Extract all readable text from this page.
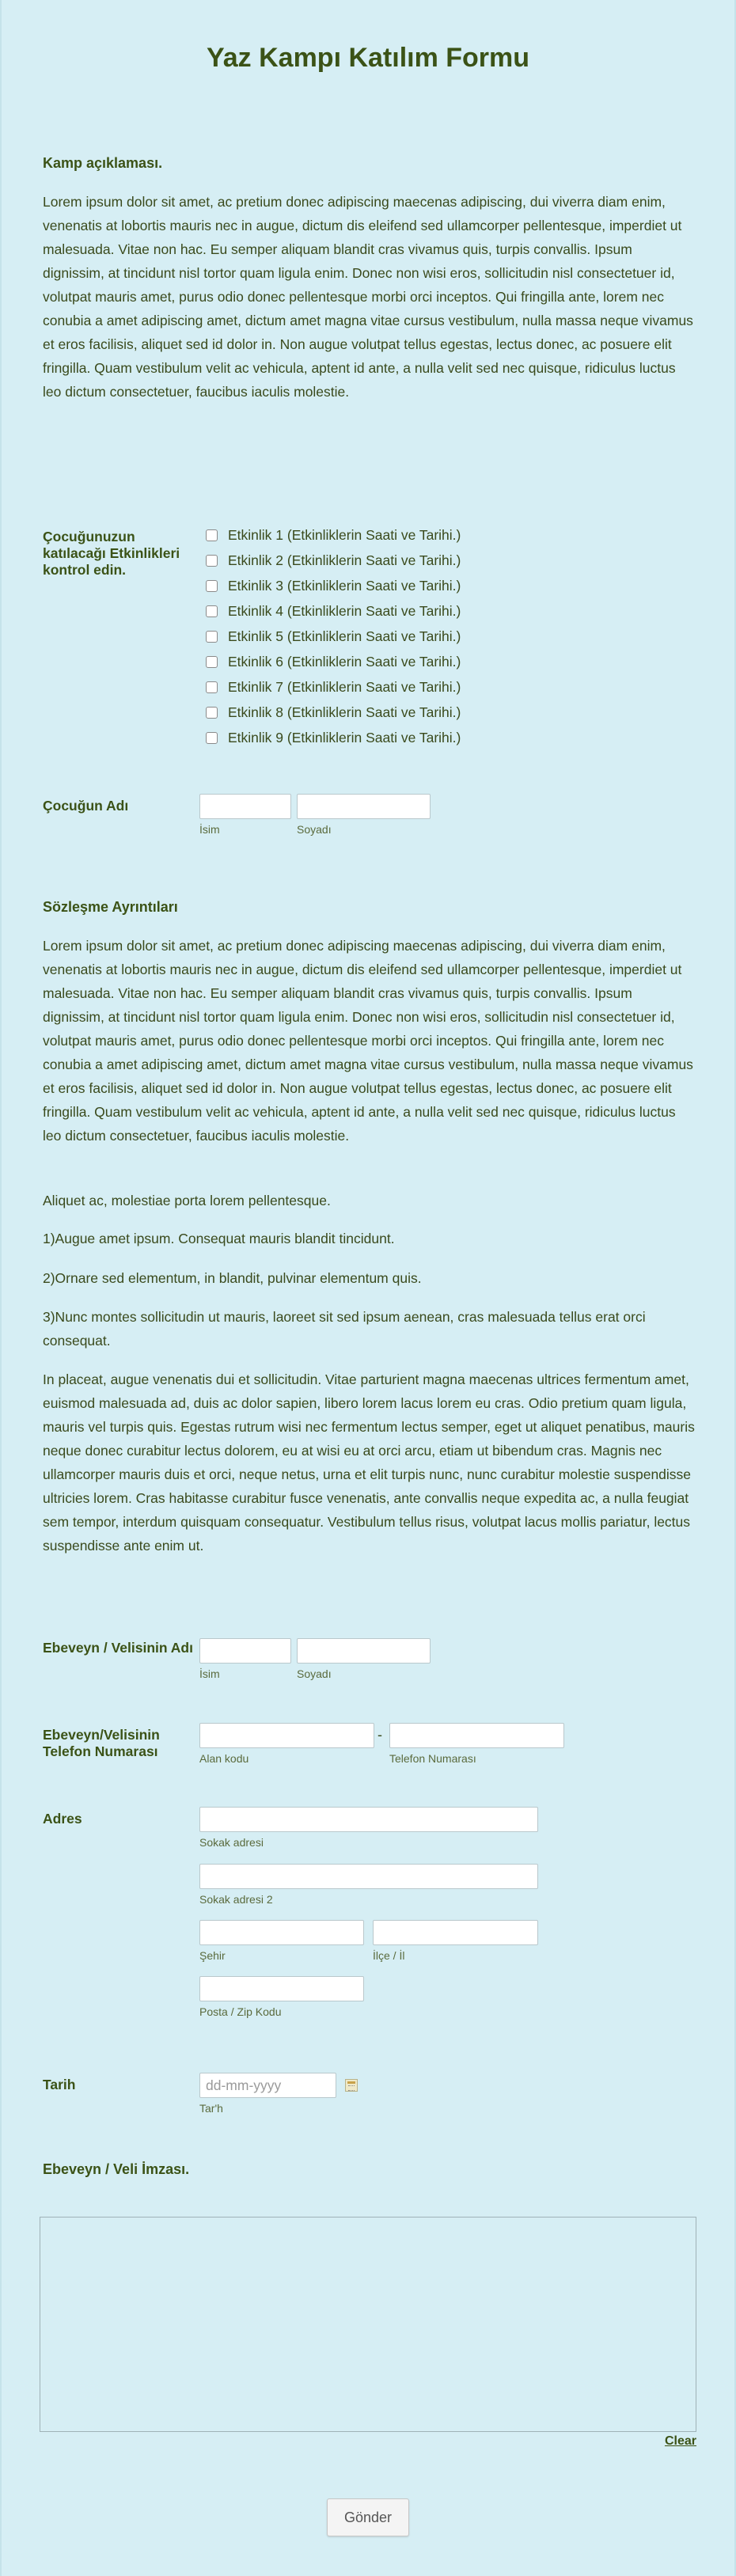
Yaz Kampı Katılım Formu
Kamp açıklaması.
Lorem ipsum dolor sit amet, ac pretium donec adipiscing maecenas adipiscing, dui viverra diam enim, venenatis at lobortis mauris nec in augue, dictum dis eleifend sed ullamcorper pellentesque, imperdiet ut malesuada. Vitae non hac. Eu semper aliquam blandit cras vivamus quis, turpis convallis. Ipsum dignissim, at tincidunt nisl tortor quam ligula enim. Donec non wisi eros, sollicitudin nisl consectetuer id, volutpat mauris amet, purus odio donec pellentesque morbi orci inceptos. Qui fringilla ante, lorem nec conubia a amet adipiscing amet, dictum amet magna vitae cursus vestibulum, nulla massa neque vivamus et eros facilisis, aliquet sed id dolor in. Non augue volutpat tellus egestas, lectus donec, ac posuere elit fringilla. Quam vestibulum velit ac vehicula, aptent id ante, a nulla velit sed nec quisque, ridiculus luctus leo dictum consectetuer, faucibus iaculis molestie.
Çocuğunuzun katılacağı Etkinlikleri kontrol edin.
Etkinlik 1 (Etkinliklerin Saati ve Tarihi.)
Etkinlik 2 (Etkinliklerin Saati ve Tarihi.)
Etkinlik 3 (Etkinliklerin Saati ve Tarihi.)
Etkinlik 4 (Etkinliklerin Saati ve Tarihi.)
Etkinlik 5 (Etkinliklerin Saati ve Tarihi.)
Etkinlik 6 (Etkinliklerin Saati ve Tarihi.)
Etkinlik 7 (Etkinliklerin Saati ve Tarihi.)
Etkinlik 8 (Etkinliklerin Saati ve Tarihi.)
Etkinlik 9 (Etkinliklerin Saati ve Tarihi.)
Çocuğun Adı
İsim	Soyadı
Sözleşme Ayrıntıları
Lorem ipsum dolor sit amet, ac pretium donec adipiscing maecenas adipiscing, dui viverra diam enim, venenatis at lobortis mauris nec in augue, dictum dis eleifend sed ullamcorper pellentesque, imperdiet ut malesuada. Vitae non hac. Eu semper aliquam blandit cras vivamus quis, turpis convallis. Ipsum dignissim, at tincidunt nisl tortor quam ligula enim. Donec non wisi eros, sollicitudin nisl consectetuer id, volutpat mauris amet, purus odio donec pellentesque morbi orci inceptos. Qui fringilla ante, lorem nec conubia a amet adipiscing amet, dictum amet magna vitae cursus vestibulum, nulla massa neque vivamus et eros facilisis, aliquet sed id dolor in. Non augue volutpat tellus egestas, lectus donec, ac posuere elit fringilla. Quam vestibulum velit ac vehicula, aptent id ante, a nulla velit sed nec quisque, ridiculus luctus leo dictum consectetuer, faucibus iaculis molestie.
Aliquet ac, molestiae porta lorem pellentesque.
1)Augue amet ipsum. Consequat mauris blandit tincidunt.
2)Ornare sed elementum, in blandit, pulvinar elementum quis.
3)Nunc montes sollicitudin ut mauris, laoreet sit sed ipsum aenean, cras malesuada tellus erat orci consequat.
In placeat, augue venenatis dui et sollicitudin. Vitae parturient magna maecenas ultrices fermentum amet, euismod malesuada ad, duis ac dolor sapien, libero lorem lacus lorem eu cras. Odio pretium quam ligula, mauris vel turpis quis. Egestas rutrum wisi nec fermentum lectus semper, eget ut aliquet penatibus, mauris neque donec curabitur lectus dolorem, eu at wisi eu at orci arcu, etiam ut bibendum cras. Magnis nec ullamcorper mauris duis et orci, neque netus, urna et elit turpis nunc, nunc curabitur molestie suspendisse ultricies lorem. Cras habitasse curabitur fusce venenatis, ante convallis neque expedita ac, a nulla feugiat sem tempor, interdum quisquam consequatur. Vestibulum tellus risus, volutpat lacus mollis pariatur, lectus suspendisse ante enim ut.
Ebeveyn / Velisinin Adı
İsim	Soyadı
Ebeveyn/Velisinin Telefon Numarası
-
Alan kodu	Telefon Numarası
Adres
Sokak adresi
Sokak adresi 2
Şehir	İlçe / İl
Posta / Zip Kodu
Tarih	dd-mm-yyyy
Tar'h
Ebeveyn / Veli İmzası.
Clear
Gönder
